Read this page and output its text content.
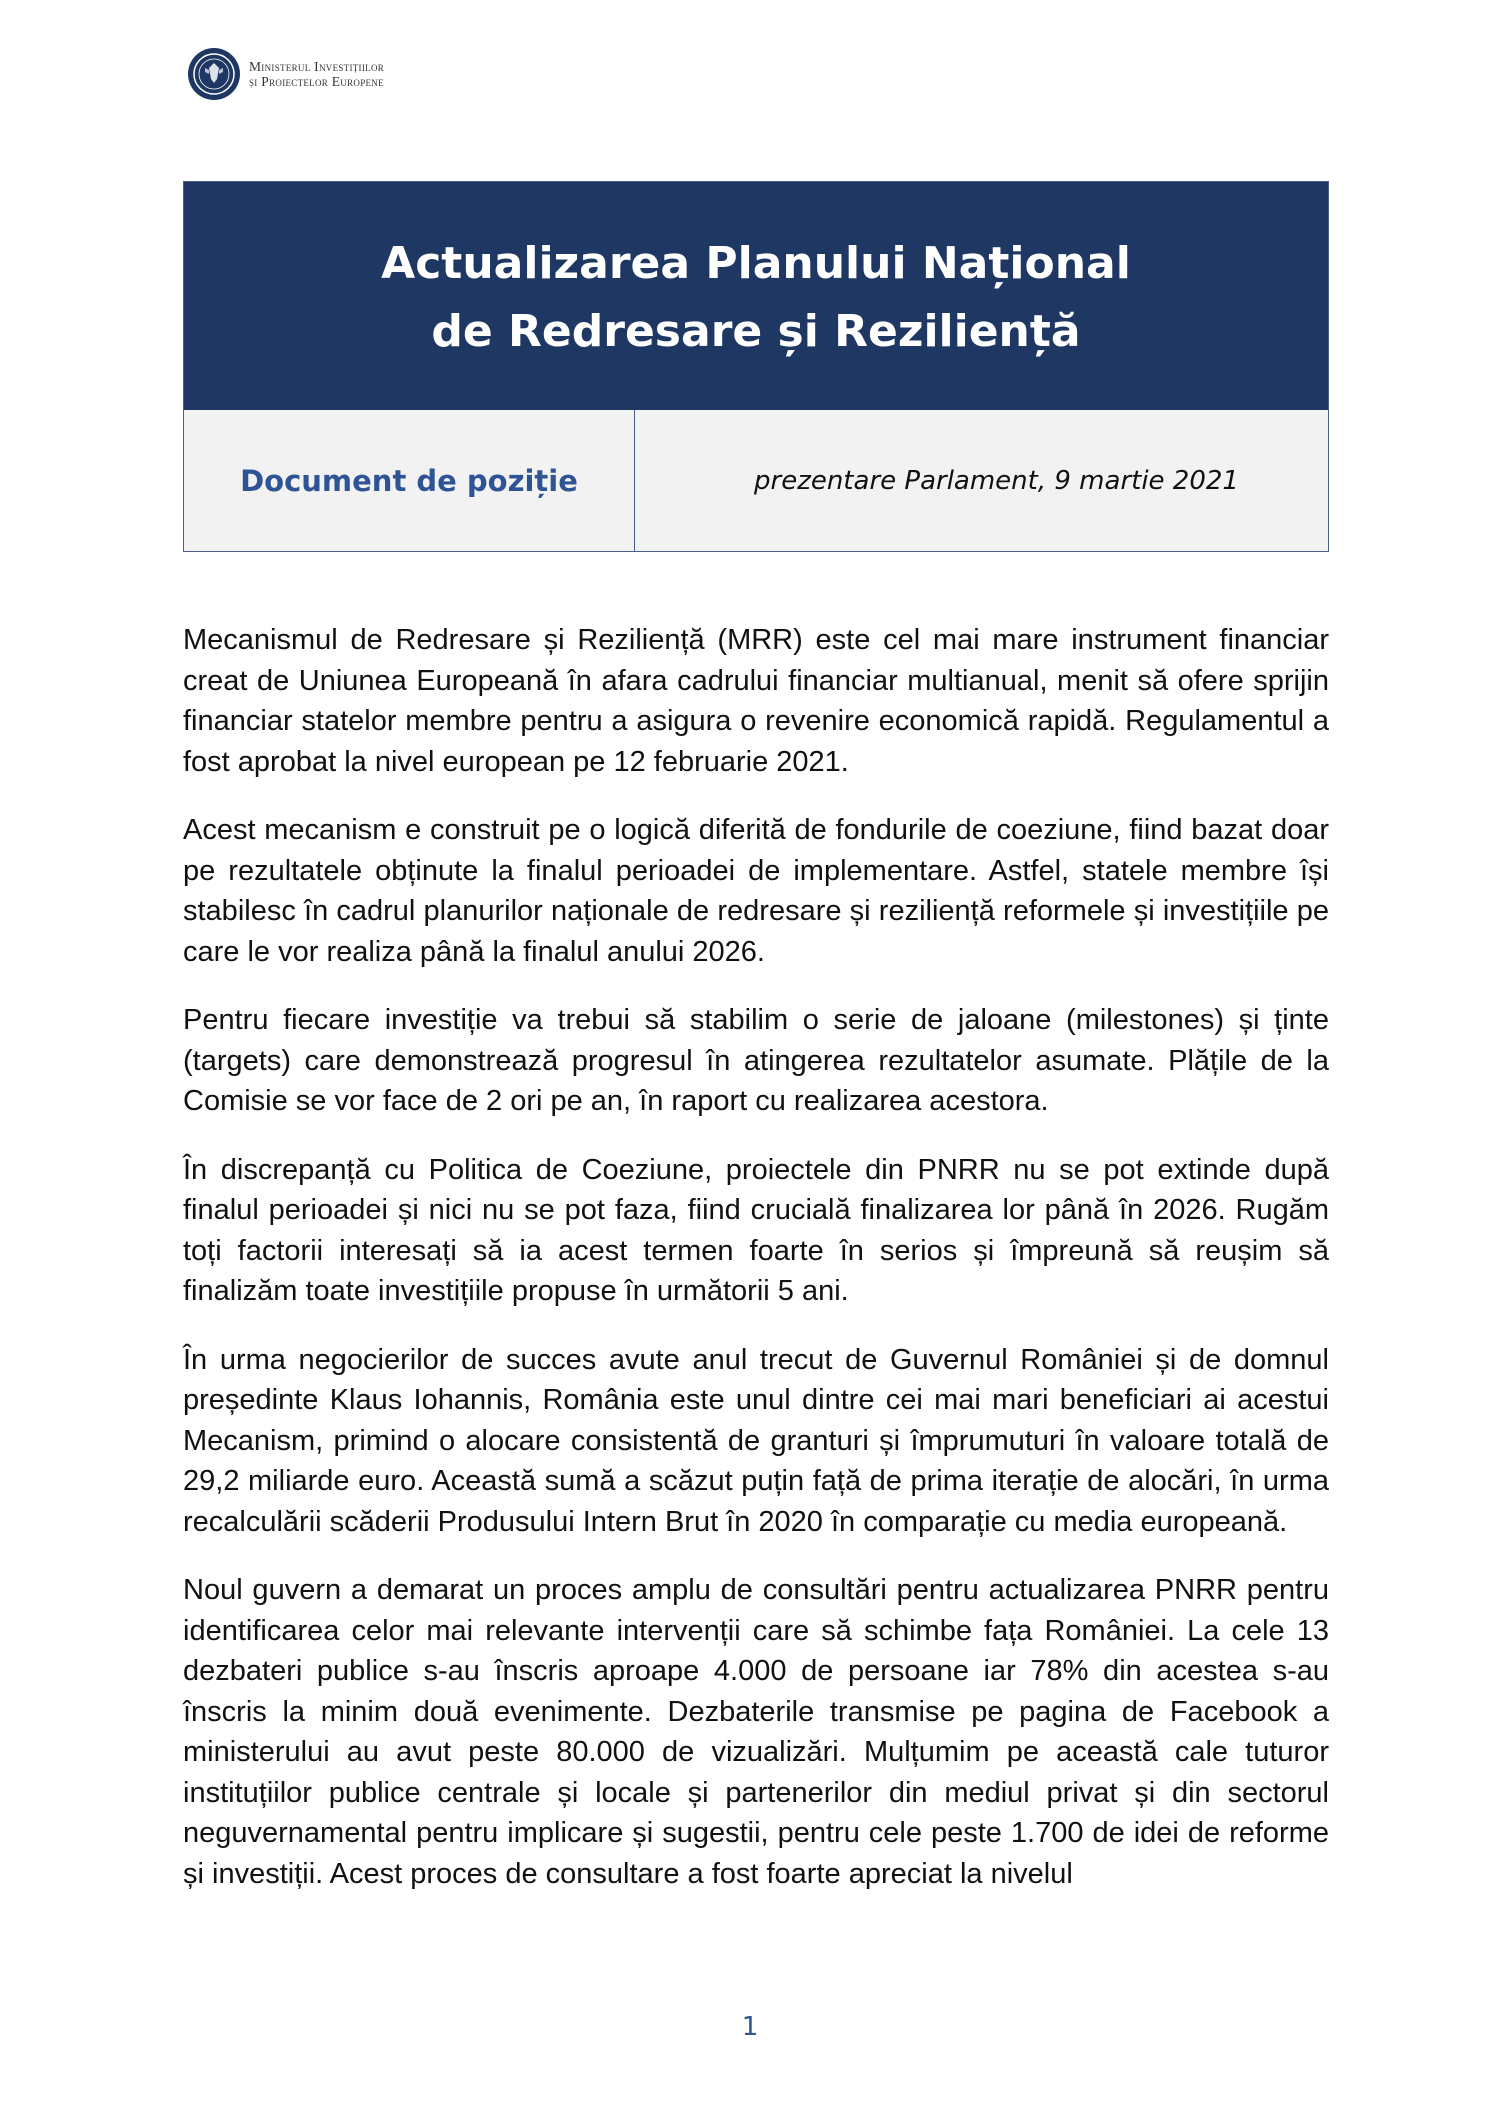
Ministerul Investițiilor
și Proiectelor Europene
Actualizarea Planului Național
de Redresare și Reziliență
Document de poziție	prezentare Parlament, 9 martie 2021

Mecanismul de Redresare și Reziliență (MRR) este cel mai mare instrument financiar creat de Uniunea Europeană în afara cadrului financiar multianual, menit să ofere sprijin financiar statelor membre pentru a asigura o revenire economică rapidă. Regulamentul a fost aprobat la nivel european pe 12 februarie 2021.

Acest mecanism e construit pe o logică diferită de fondurile de coeziune, fiind bazat doar pe rezultatele obținute la finalul perioadei de implementare. Astfel, statele membre își stabilesc în cadrul planurilor naționale de redresare și reziliență reformele și investițiile pe care le vor realiza până la finalul anului 2026.

Pentru fiecare investiție va trebui să stabilim o serie de jaloane (milestones) și ținte (targets) care demonstrează progresul în atingerea rezultatelor asumate. Plățile de la Comisie se vor face de 2 ori pe an, în raport cu realizarea acestora.

În discrepanță cu Politica de Coeziune, proiectele din PNRR nu se pot extinde după finalul perioadei și nici nu se pot faza, fiind crucială finalizarea lor până în 2026. Rugăm toți factorii interesați să ia acest termen foarte în serios și împreună să reușim să finalizăm toate investițiile propuse în următorii 5 ani.

În urma negocierilor de succes avute anul trecut de Guvernul României și de domnul președinte Klaus Iohannis, România este unul dintre cei mai mari beneficiari ai acestui Mecanism, primind o alocare consistentă de granturi și împrumuturi în valoare totală de 29,2 miliarde euro. Această sumă a scăzut puțin față de prima iterație de alocări, în urma recalculării scăderii Produsului Intern Brut în 2020 în comparație cu media europeană.

Noul guvern a demarat un proces amplu de consultări pentru actualizarea PNRR pentru identificarea celor mai relevante intervenții care să schimbe fața României. La cele 13 dezbateri publice s-au înscris aproape 4.000 de persoane iar 78% din acestea s-au înscris la minim două evenimente. Dezbaterile transmise pe pagina de Facebook a ministerului au avut peste 80.000 de vizualizări. Mulțumim pe această cale tuturor instituțiilor publice centrale și locale și partenerilor din mediul privat și din sectorul neguvernamental pentru implicare și sugestii, pentru cele peste 1.700 de idei de reforme și investiții. Acest proces de consultare a fost foarte apreciat la nivelul

1
